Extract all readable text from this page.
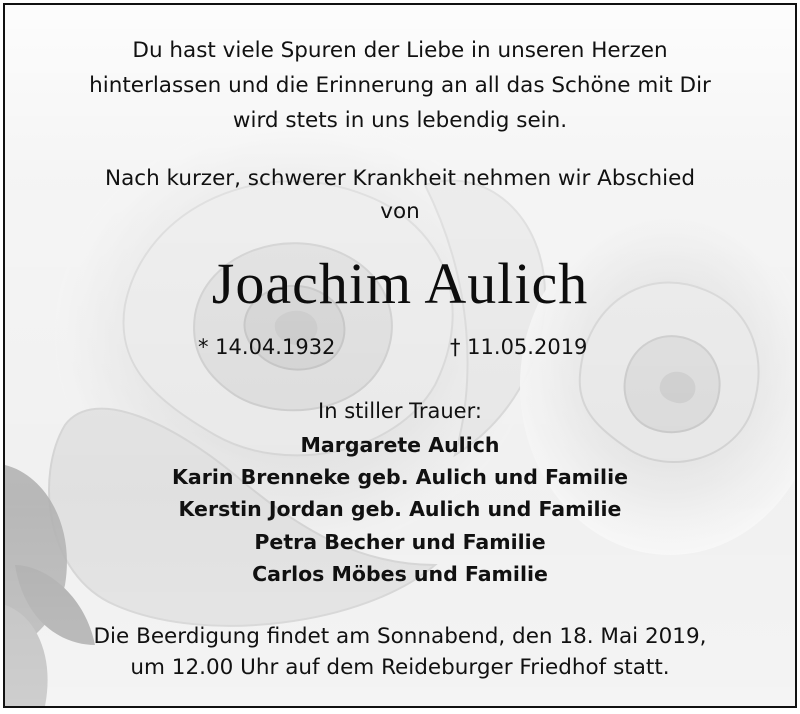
Du hast viele Spuren der Liebe in unseren Herzen
hinterlassen und die Erinnerung an all das Schöne mit Dir
wird stets in uns lebendig sein.
Nach kurzer, schwerer Krankheit nehmen wir Abschied
von
Joachim Aulich
* 14.04.1932	† 11.05.2019
In stiller Trauer:
Margarete Aulich
Karin Brenneke geb. Aulich und Familie
Kerstin Jordan geb. Aulich und Familie
Petra Becher und Familie
Carlos Möbes und Familie
Die Beerdigung findet am Sonnabend, den 18. Mai 2019,
um 12.00 Uhr auf dem Reideburger Friedhof statt.
